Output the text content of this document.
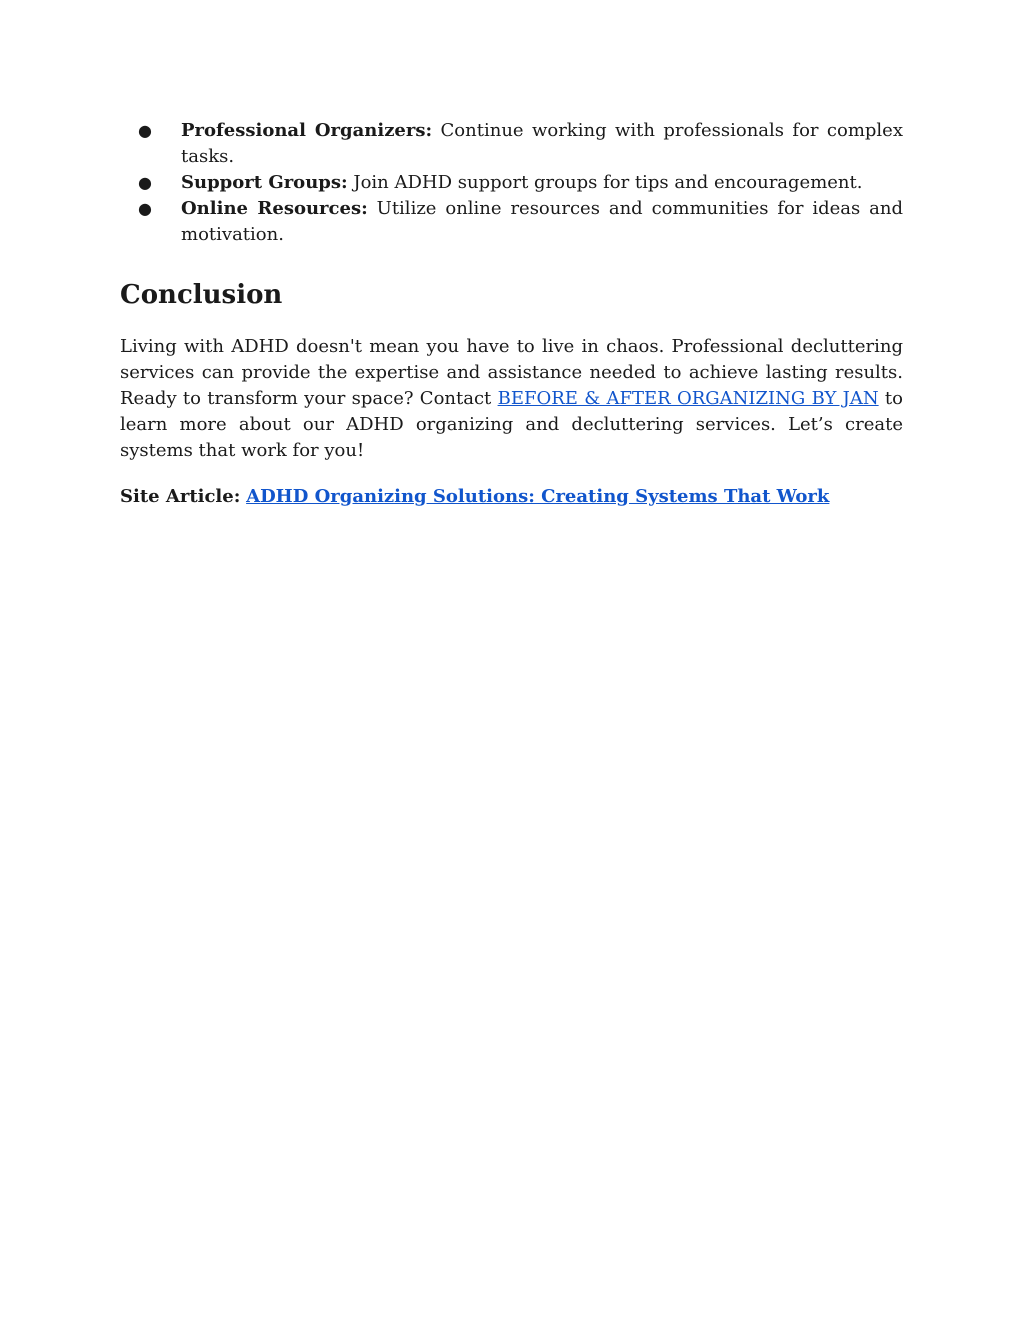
● Professional Organizers: Continue working with professionals for complex tasks.
● Support Groups: Join ADHD support groups for tips and encouragement.
● Online Resources: Utilize online resources and communities for ideas and motivation.
Conclusion

Living with ADHD doesn't mean you have to live in chaos. Professional decluttering services can provide the expertise and assistance needed to achieve lasting results. Ready to transform your space? Contact BEFORE & AFTER ORGANIZING BY JAN to learn more about our ADHD organizing and decluttering services. Let’s create systems that work for you!

Site Article: ADHD Organizing Solutions: Creating Systems That Work
